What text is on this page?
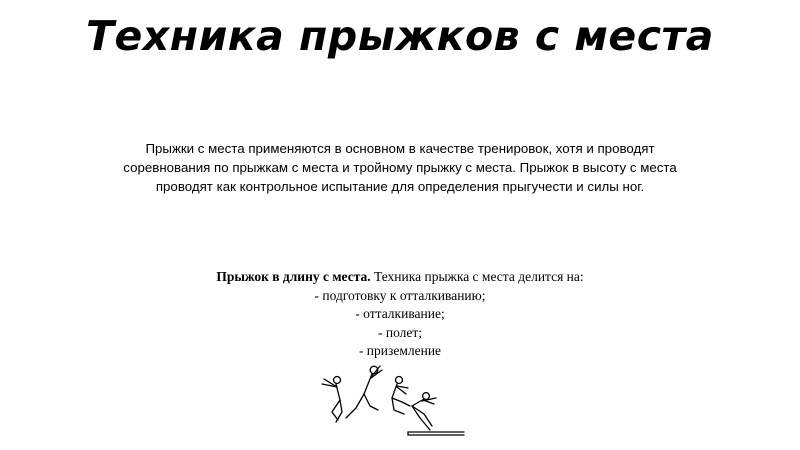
Техника прыжков с места
Прыжки с места применяются в основном в качестве тренировок, хотя и проводят соревнования по прыжкам с места и тройному прыжку с места. Прыжок в высоту с места проводят как контрольное испытание для определения прыгучести и силы ног.
Прыжок в длину с места. Техника прыжка с места делится на:
- подготовку к отталкиванию;
- отталкивание;
- полет;
- приземление
